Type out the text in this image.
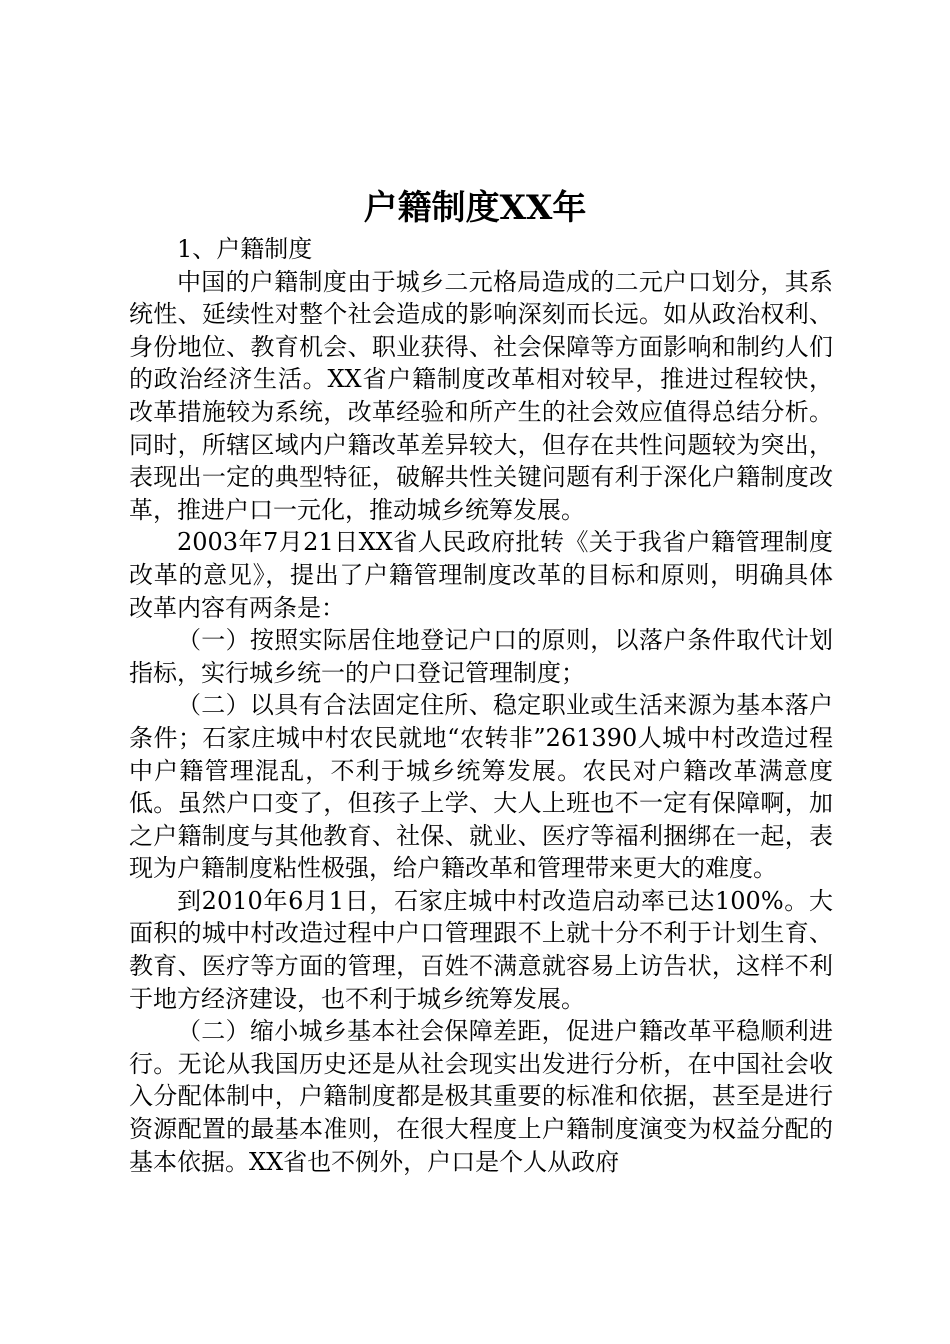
户籍制度XX年

1、户籍制度

中国的户籍制度由于城乡二元格局造成的二元户口划分，其系统性、延续性对整个社会造成的影响深刻而长远。如从政治权利、身份地位、教育机会、职业获得、社会保障等方面影响和制约人们的政治经济生活。XX省户籍制度改革相对较早，推进过程较快，改革措施较为系统，改革经验和所产生的社会效应值得总结分析。同时，所辖区域内户籍改革差异较大，但存在共性问题较为突出，表现出一定的典型特征，破解共性关键问题有利于深化户籍制度改革，推进户口一元化，推动城乡统筹发展。

2003年7月21日XX省人民政府批转《关于我省户籍管理制度改革的意见》，提出了户籍管理制度改革的目标和原则，明确具体改革内容有两条是：

（一）按照实际居住地登记户口的原则，以落户条件取代计划指标，实行城乡统一的户口登记管理制度；

（二）以具有合法固定住所、稳定职业或生活来源为基本落户条件；石家庄城中村农民就地“农转非”261390人城中村改造过程中户籍管理混乱，不利于城乡统筹发展。农民对户籍改革满意度低。虽然户口变了，但孩子上学、大人上班也不一定有保障啊，加之户籍制度与其他教育、社保、就业、医疗等福利捆绑在一起，表现为户籍制度粘性极强，给户籍改革和管理带来更大的难度。

到2010年6月1日，石家庄城中村改造启动率已达100%。大面积的城中村改造过程中户口管理跟不上就十分不利于计划生育、教育、医疗等方面的管理，百姓不满意就容易上访告状，这样不利于地方经济建设，也不利于城乡统筹发展。

（二）缩小城乡基本社会保障差距，促进户籍改革平稳顺利进行。无论从我国历史还是从社会现实出发进行分析，在中国社会收入分配体制中，户籍制度都是极其重要的标准和依据，甚至是进行资源配置的最基本准则，在很大程度上户籍制度演变为权益分配的基本依据。XX省也不例外，户口是个人从政府
